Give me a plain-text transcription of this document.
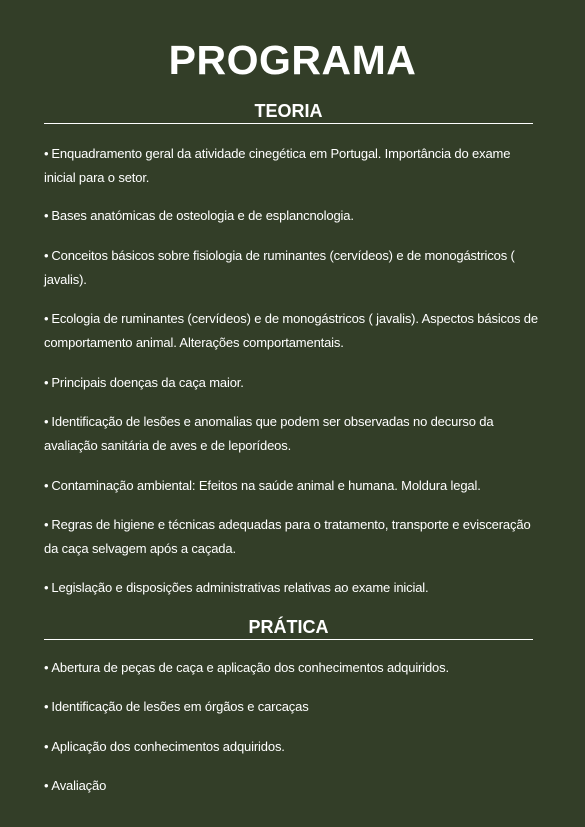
PROGRAMA
TEORIA
• Enquadramento geral da atividade cinegética em Portugal. Importância do exame inicial para o setor.
• Bases anatómicas de osteologia e de esplancnologia.
• Conceitos básicos sobre fisiologia de ruminantes (cervídeos) e de monogástricos ( javalis).
• Ecologia de ruminantes (cervídeos) e de monogástricos ( javalis). Aspectos básicos de comportamento animal. Alterações comportamentais.
• Principais doenças da caça maior.
• Identificação de lesões e anomalias que podem ser observadas no decurso da avaliação sanitária de aves e de leporídeos.
• Contaminação ambiental: Efeitos na saúde animal e humana. Moldura legal.
• Regras de higiene e técnicas adequadas para o tratamento, transporte e evisceração da caça selvagem após a caçada.
• Legislação e disposições administrativas relativas ao exame inicial.
PRÁTICA
• Abertura de peças de caça e aplicação dos conhecimentos adquiridos.
• Identificação de lesões em órgãos e carcaças
• Aplicação dos conhecimentos adquiridos.
• Avaliação
